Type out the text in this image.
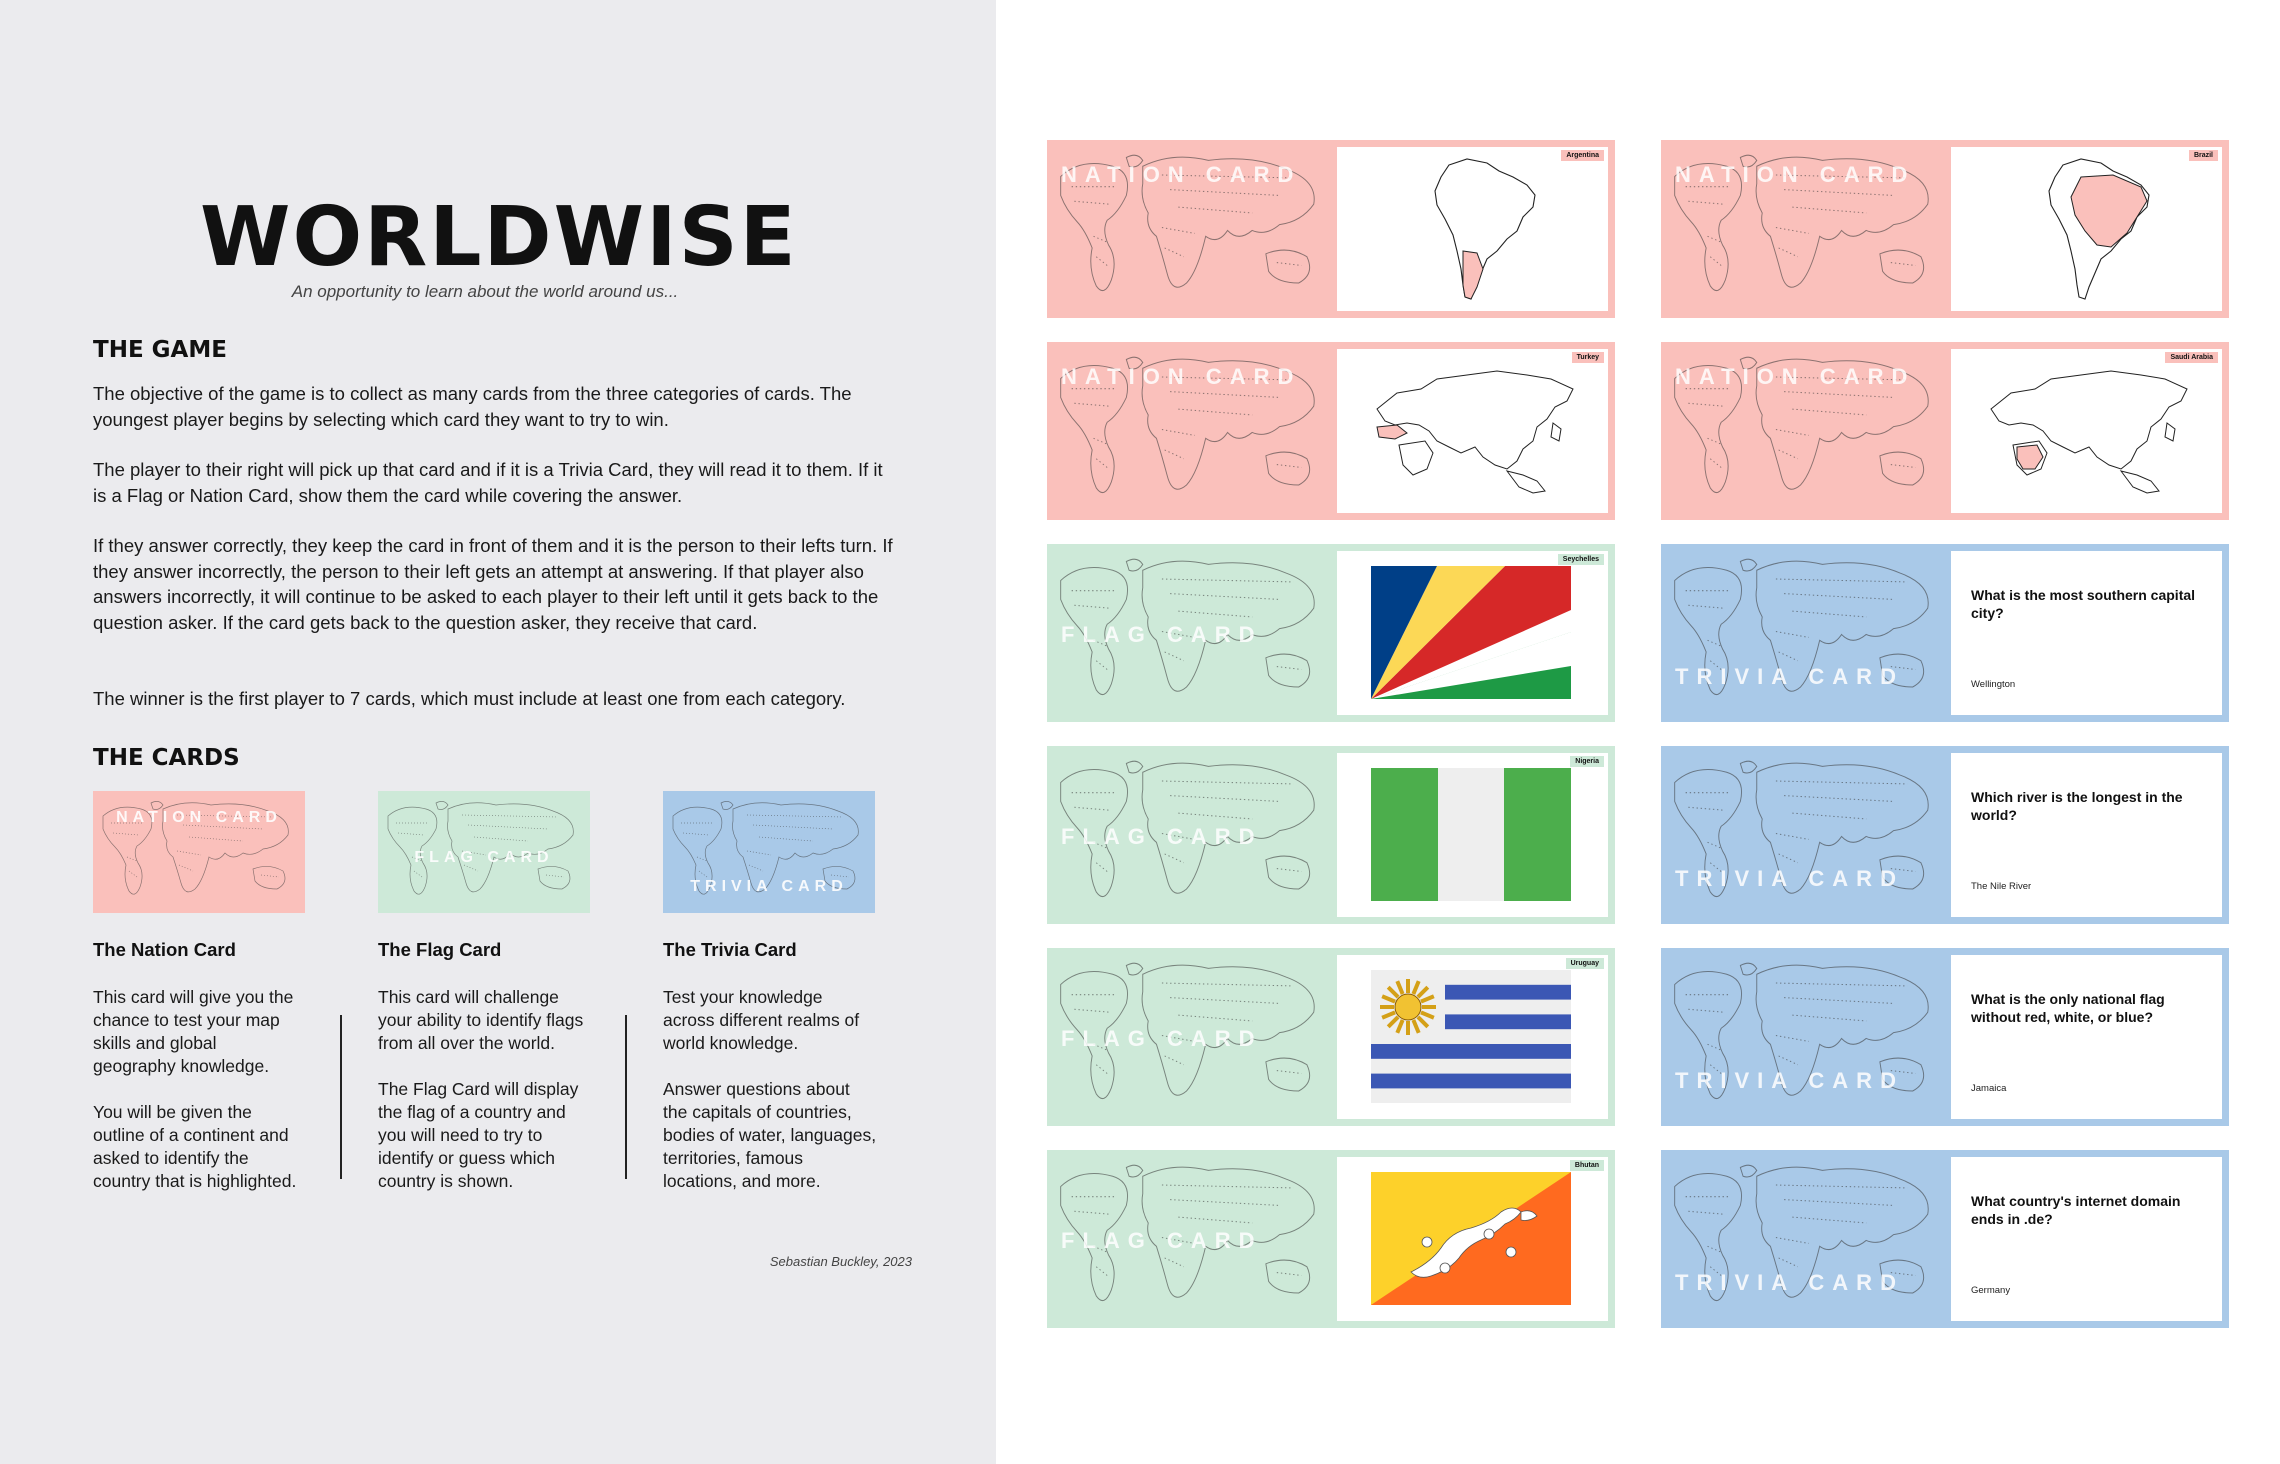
WORLDWISE
An opportunity to learn about the world around us...
THE GAME

The objective of the game is to collect as many cards from the three categories of cards. The youngest player begins by selecting which card they want to try to win.

The player to their right will pick up that card and if it is a Trivia Card, they will read it to them. If it is a Flag or Nation Card, show them the card while covering the answer.

If they answer correctly, they keep the card in front of them and it is the person to their lefts turn. If they answer incorrectly, the person to their left gets an attempt at answering. If that player also answers incorrectly, it will continue to be asked to each player to their left until it gets back to the question asker. If the card gets back to the question asker, they receive that card.

The winner is the first player to 7 cards, which must include at least one from each category.

THE CARDS
NATION CARD
FLAG CARD
TRIVIA CARD
The Nation Card	The Flag Card	The Trivia Card

This card will give you the chance to test your map skills and global geography knowledge.

You will be given the outline of a continent and asked to identify the country that is highlighted.

This card will challenge your ability to identify flags from all over the world.

The Flag Card will display the flag of a country and you will need to try to identify or guess which country is shown.

Test your knowledge across different realms of world knowledge.

Answer questions about the capitals of countries, bodies of water, languages, territories, famous locations, and more.

Sebastian Buckley, 2023
NATION CARD
Argentina
NATION CARD
Turkey
FLAG CARD
Seychelles
FLAG CARD
Nigeria
FLAG CARD
Uruguay
FLAG CARD
Bhutan
NATION CARD
Brazil
NATION CARD
Saudi Arabia
TRIVIA CARD
What is the most southern capital city?
Wellington
TRIVIA CARD
Which river is the longest in the world?
The Nile River
TRIVIA CARD
What is the only national flag without red, white, or blue?
Jamaica
TRIVIA CARD
What country's internet domain ends in .de?
Germany
